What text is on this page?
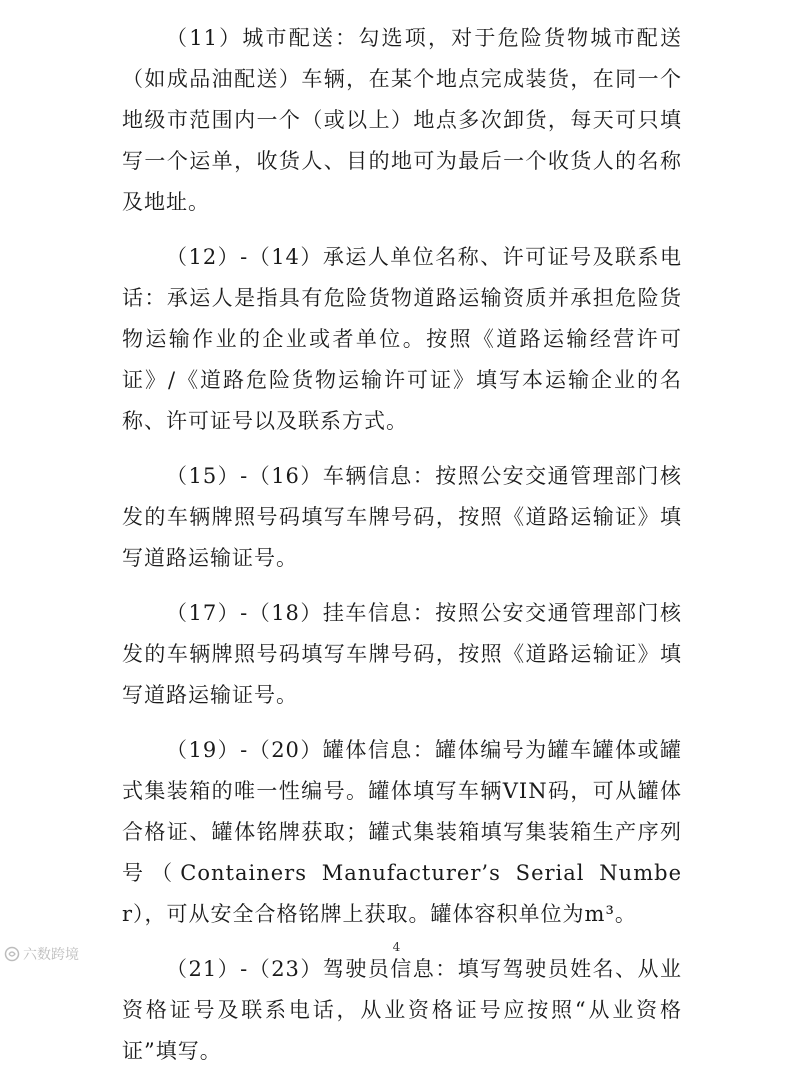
（11）城市配送：勾选项，对于危险货物城市配送（如成品油配送）车辆，在某个地点完成装货，在同一个地级市范围内一个（或以上）地点多次卸货，每天可只填写一个运单，收货人、目的地可为最后一个收货人的名称及地址。

（12）-（14）承运人单位名称、许可证号及联系电话：承运人是指具有危险货物道路运输资质并承担危险货物运输作业的企业或者单位。按照《道路运输经营许可证》/《道路危险货物运输许可证》填写本运输企业的名称、许可证号以及联系方式。

（15）-（16）车辆信息：按照公安交通管理部门核发的车辆牌照号码填写车牌号码，按照《道路运输证》填写道路运输证号。

（17）-（18）挂车信息：按照公安交通管理部门核发的车辆牌照号码填写车牌号码，按照《道路运输证》填写道路运输证号。

（19）-（20）罐体信息：罐体编号为罐车罐体或罐式集装箱的唯一性编号。罐体填写车辆VIN码，可从罐体合格证、罐体铭牌获取；罐式集装箱填写集装箱生产序列号（Containers Manufacturer’s Serial Number），可从安全合格铭牌上获取。罐体容积单位为m³。

（21）-（23）驾驶员信息：填写驾驶员姓名、从业资格证号及联系电话，从业资格证号应按照“从业资格证”填写。

4
六数跨境
